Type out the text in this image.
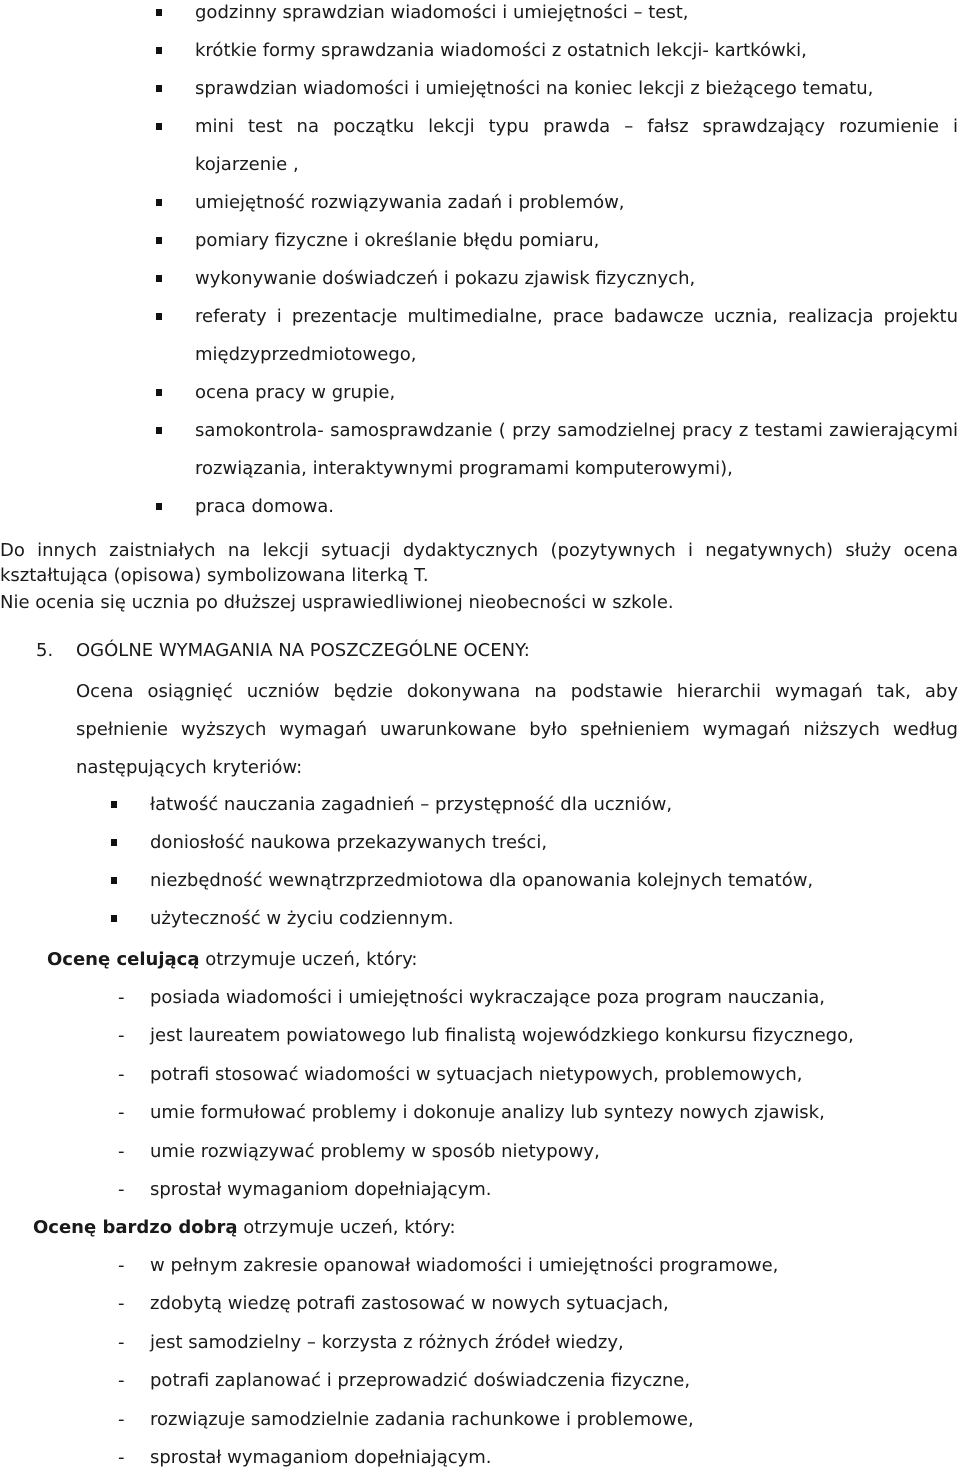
godzinny sprawdzian wiadomości i umiejętności – test,
krótkie formy sprawdzania wiadomości z ostatnich lekcji- kartkówki,
sprawdzian wiadomości i umiejętności na koniec lekcji z bieżącego tematu,
mini test na początku lekcji typu prawda – fałsz sprawdzający rozumienie i kojarzenie ,
umiejętność rozwiązywania zadań i problemów,
pomiary fizyczne i określanie błędu pomiaru,
wykonywanie doświadczeń i pokazu zjawisk fizycznych,
referaty i prezentacje multimedialne, prace badawcze ucznia, realizacja projektu międzyprzedmiotowego,
ocena pracy w grupie,
samokontrola- samosprawdzanie ( przy samodzielnej pracy z testami zawierającymi rozwiązania, interaktywnymi programami komputerowymi),
praca domowa.
Do innych zaistniałych na lekcji sytuacji dydaktycznych (pozytywnych i negatywnych) służy ocena kształtująca (opisowa) symbolizowana literką T.
Nie ocenia się ucznia po dłuższej usprawiedliwionej nieobecności w szkole.
5. OGÓLNE WYMAGANIA NA POSZCZEGÓLNE OCENY:
Ocena osiągnięć uczniów będzie dokonywana na podstawie hierarchii wymagań tak, aby spełnienie wyższych wymagań uwarunkowane było spełnieniem wymagań niższych według następujących kryteriów:
łatwość nauczania zagadnień – przystępność dla uczniów,
doniosłość naukowa przekazywanych treści,
niezbędność wewnątrzprzedmiotowa dla opanowania kolejnych tematów,
użyteczność w życiu codziennym.
Ocenę celującą otrzymuje uczeń, który:
- posiada wiadomości i umiejętności wykraczające poza program nauczania,
- jest laureatem powiatowego lub finalistą wojewódzkiego konkursu fizycznego,
- potrafi stosować wiadomości w sytuacjach nietypowych, problemowych,
- umie formułować problemy i dokonuje analizy lub syntezy nowych zjawisk,
- umie rozwiązywać problemy w sposób nietypowy,
- sprostał wymaganiom dopełniającym.
Ocenę bardzo dobrą otrzymuje uczeń, który:
- w pełnym zakresie opanował wiadomości i umiejętności programowe,
- zdobytą wiedzę potrafi zastosować w nowych sytuacjach,
- jest samodzielny – korzysta z różnych źródeł wiedzy,
- potrafi zaplanować i przeprowadzić doświadczenia fizyczne,
- rozwiązuje samodzielnie zadania rachunkowe i problemowe,
- sprostał wymaganiom dopełniającym.
